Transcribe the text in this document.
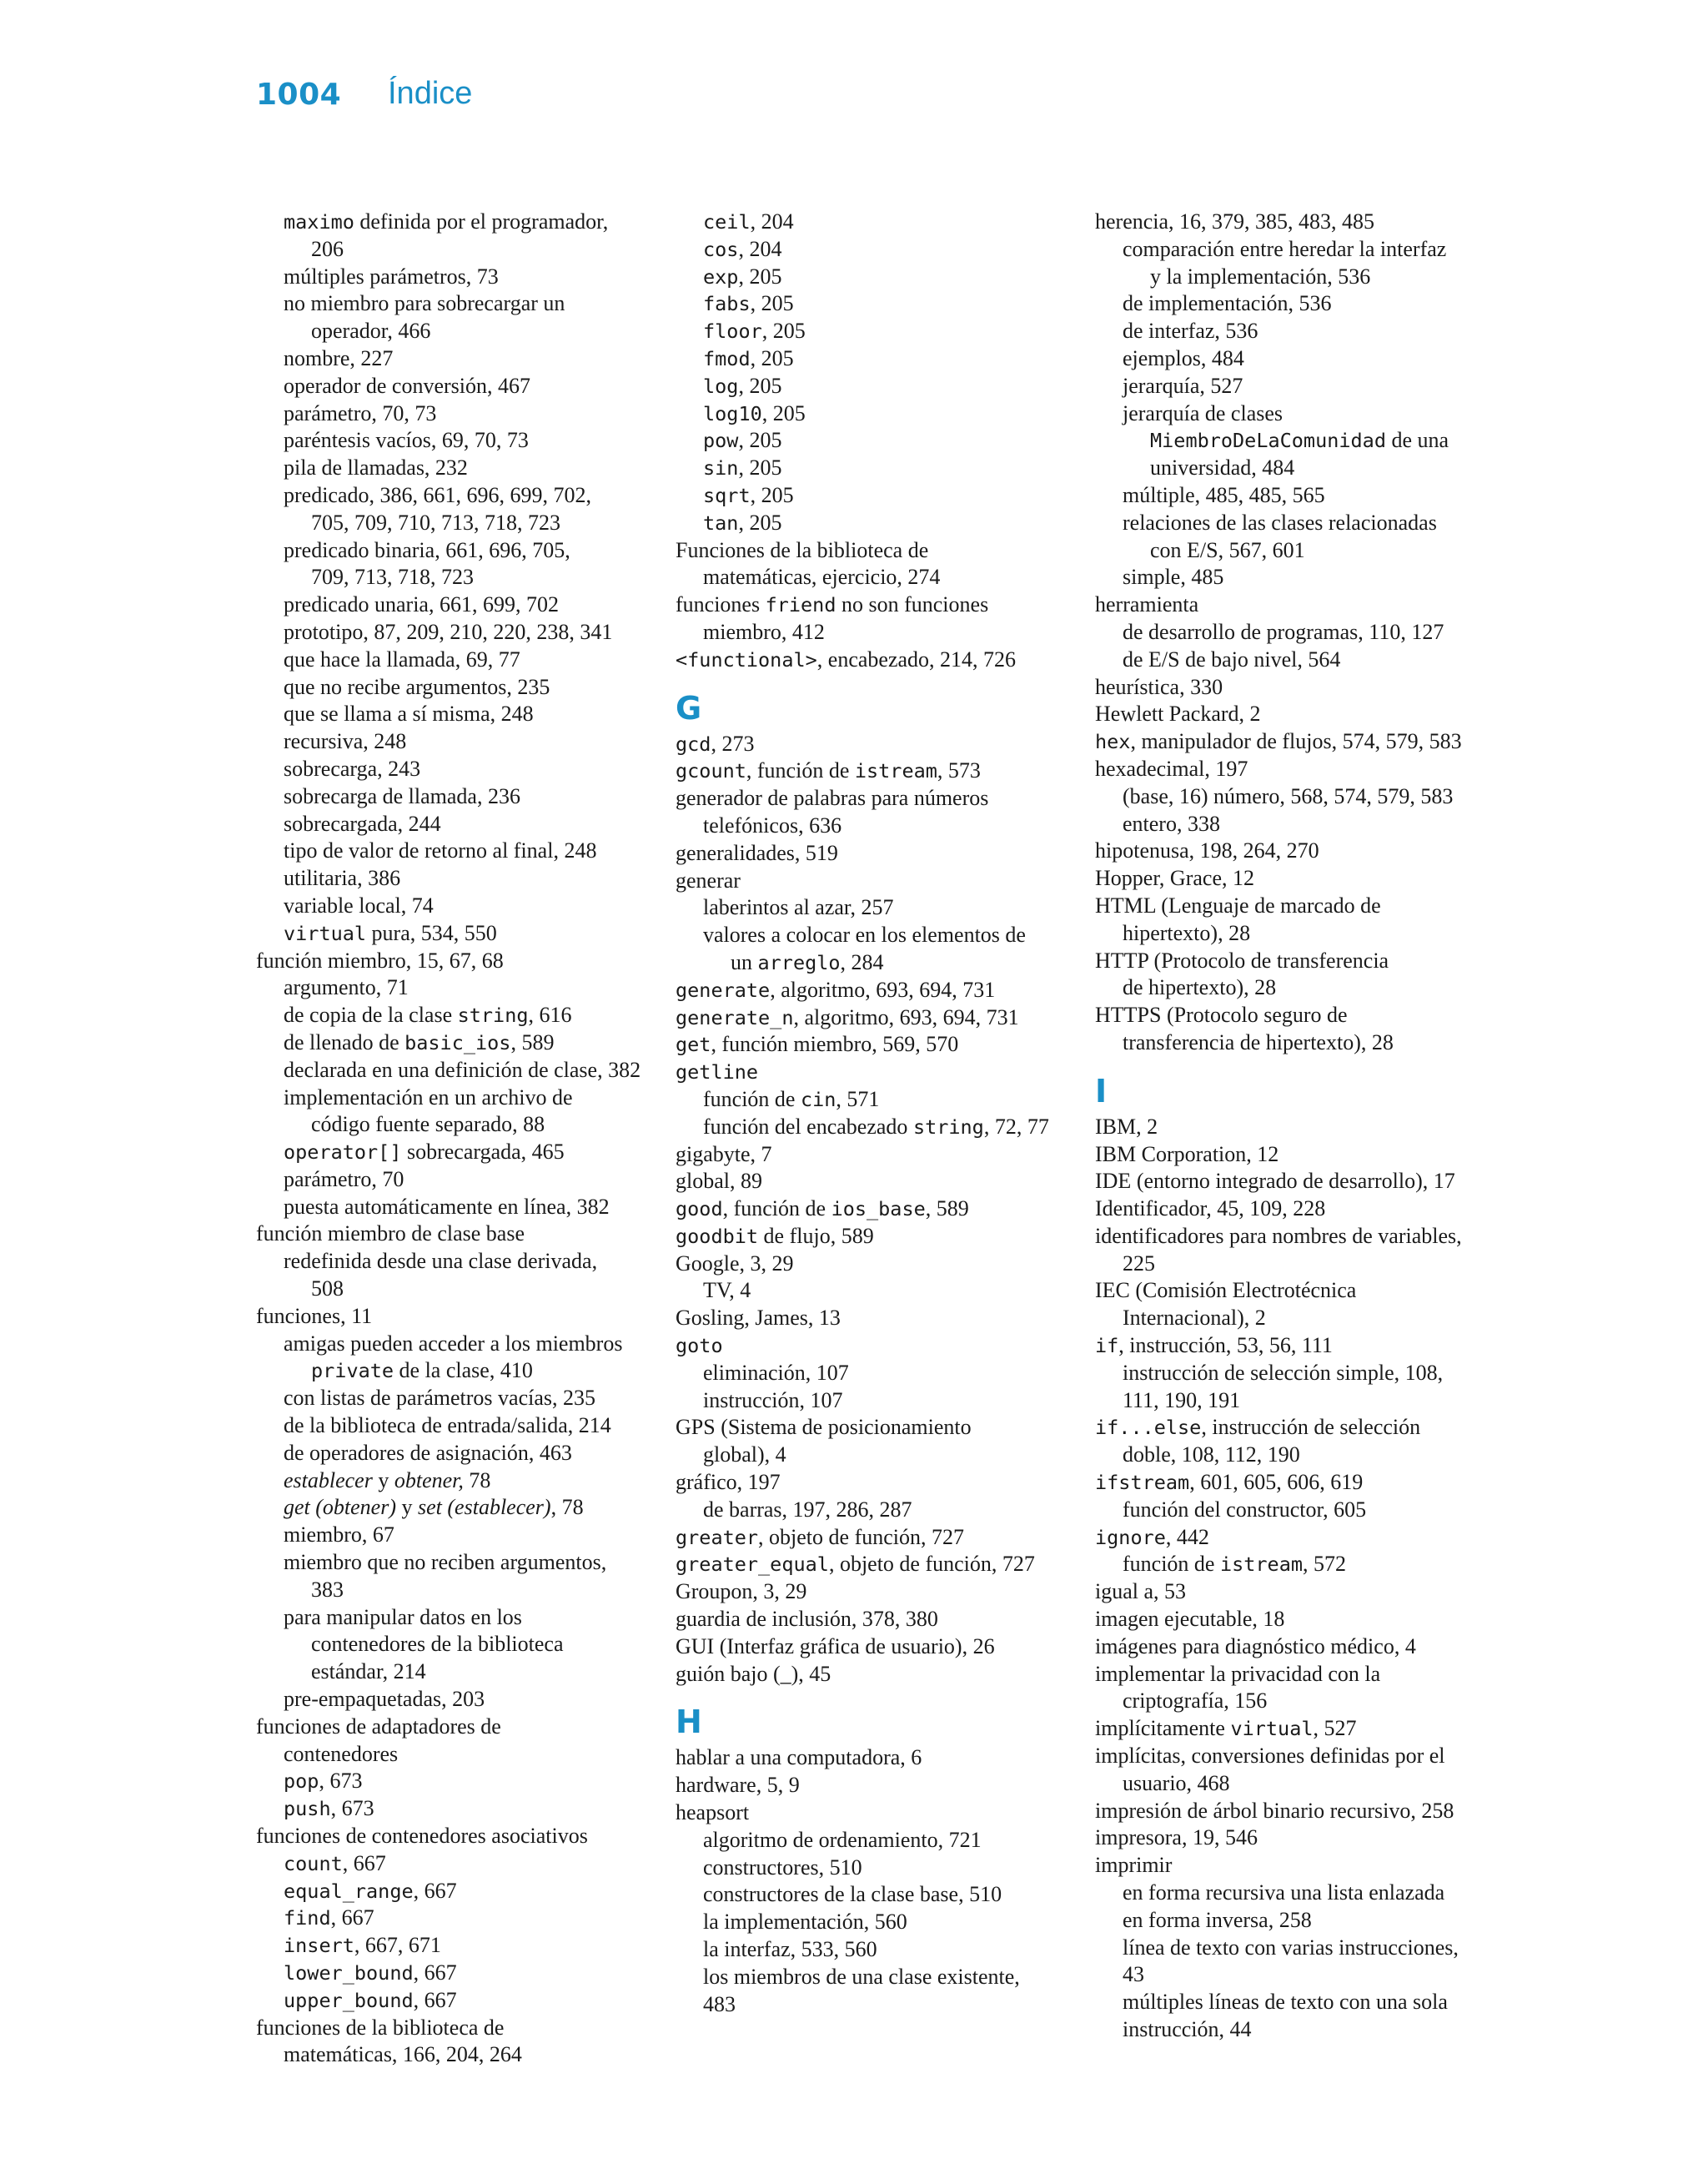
1004 Índice
maximo definida por el programador,
206
múltiples parámetros, 73
no miembro para sobrecargar un
operador, 466
nombre, 227
operador de conversión, 467
parámetro, 70, 73
paréntesis vacíos, 69, 70, 73
pila de llamadas, 232
predicado, 386, 661, 696, 699, 702,
705, 709, 710, 713, 718, 723
predicado binaria, 661, 696, 705,
709, 713, 718, 723
predicado unaria, 661, 699, 702
prototipo, 87, 209, 210, 220, 238, 341
que hace la llamada, 69, 77
que no recibe argumentos, 235
que se llama a sí misma, 248
recursiva, 248
sobrecarga, 243
sobrecarga de llamada, 236
sobrecargada, 244
tipo de valor de retorno al final, 248
utilitaria, 386
variable local, 74
virtual pura, 534, 550
función miembro, 15, 67, 68
argumento, 71
de copia de la clase string, 616
de llenado de basic_ios, 589
declarada en una definición de clase, 382
implementación en un archivo de
código fuente separado, 88
operator[] sobrecargada, 465
parámetro, 70
puesta automáticamente en línea, 382
función miembro de clase base
redefinida desde una clase derivada,
508
funciones, 11
amigas pueden acceder a los miembros
private de la clase, 410
con listas de parámetros vacías, 235
de la biblioteca de entrada/salida, 214
de operadores de asignación, 463
establecer y obtener, 78
get (obtener) y set (establecer), 78
miembro, 67
miembro que no reciben argumentos,
383
para manipular datos en los
contenedores de la biblioteca
estándar, 214
pre-empaquetadas, 203
funciones de adaptadores de
contenedores
pop, 673
push, 673
funciones de contenedores asociativos
count, 667
equal_range, 667
find, 667
insert, 667, 671
lower_bound, 667
upper_bound, 667
funciones de la biblioteca de
matemáticas, 166, 204, 264
ceil, 204
cos, 204
exp, 205
fabs, 205
floor, 205
fmod, 205
log, 205
log10, 205
pow, 205
sin, 205
sqrt, 205
tan, 205
Funciones de la biblioteca de
matemáticas, ejercicio, 274
funciones friend no son funciones
miembro, 412
<functional>, encabezado, 214, 726
G
gcd, 273
gcount, función de istream, 573
generador de palabras para números
telefónicos, 636
generalidades, 519
generar
laberintos al azar, 257
valores a colocar en los elementos de
un arreglo, 284
generate, algoritmo, 693, 694, 731
generate_n, algoritmo, 693, 694, 731
get, función miembro, 569, 570
getline
función de cin, 571
función del encabezado string, 72, 77
gigabyte, 7
global, 89
good, función de ios_base, 589
goodbit de flujo, 589
Google, 3, 29
TV, 4
Gosling, James, 13
goto
eliminación, 107
instrucción, 107
GPS (Sistema de posicionamiento
global), 4
gráfico, 197
de barras, 197, 286, 287
greater, objeto de función, 727
greater_equal, objeto de función, 727
Groupon, 3, 29
guardia de inclusión, 378, 380
GUI (Interfaz gráfica de usuario), 26
guión bajo (_), 45
H
hablar a una computadora, 6
hardware, 5, 9
heapsort
algoritmo de ordenamiento, 721
constructores, 510
constructores de la clase base, 510
la implementación, 560
la interfaz, 533, 560
los miembros de una clase existente,
483
herencia, 16, 379, 385, 483, 485
comparación entre heredar la interfaz
y la implementación, 536
de implementación, 536
de interfaz, 536
ejemplos, 484
jerarquía, 527
jerarquía de clases
MiembroDeLaComunidad de una
universidad, 484
múltiple, 485, 485, 565
relaciones de las clases relacionadas
con E/S, 567, 601
simple, 485
herramienta
de desarrollo de programas, 110, 127
de E/S de bajo nivel, 564
heurística, 330
Hewlett Packard, 2
hex, manipulador de flujos, 574, 579, 583
hexadecimal, 197
(base, 16) número, 568, 574, 579, 583
entero, 338
hipotenusa, 198, 264, 270
Hopper, Grace, 12
HTML (Lenguaje de marcado de
hipertexto), 28
HTTP (Protocolo de transferencia
de hipertexto), 28
HTTPS (Protocolo seguro de
transferencia de hipertexto), 28
I
IBM, 2
IBM Corporation, 12
IDE (entorno integrado de desarrollo), 17
Identificador, 45, 109, 228
identificadores para nombres de variables,
225
IEC (Comisión Electrotécnica
Internacional), 2
if, instrucción, 53, 56, 111
instrucción de selección simple, 108,
111, 190, 191
if...else, instrucción de selección
doble, 108, 112, 190
ifstream, 601, 605, 606, 619
función del constructor, 605
ignore, 442
función de istream, 572
igual a, 53
imagen ejecutable, 18
imágenes para diagnóstico médico, 4
implementar la privacidad con la
criptografía, 156
implícitamente virtual, 527
implícitas, conversiones definidas por el
usuario, 468
impresión de árbol binario recursivo, 258
impresora, 19, 546
imprimir
en forma recursiva una lista enlazada
en forma inversa, 258
línea de texto con varias instrucciones,
43
múltiples líneas de texto con una sola
instrucción, 44
